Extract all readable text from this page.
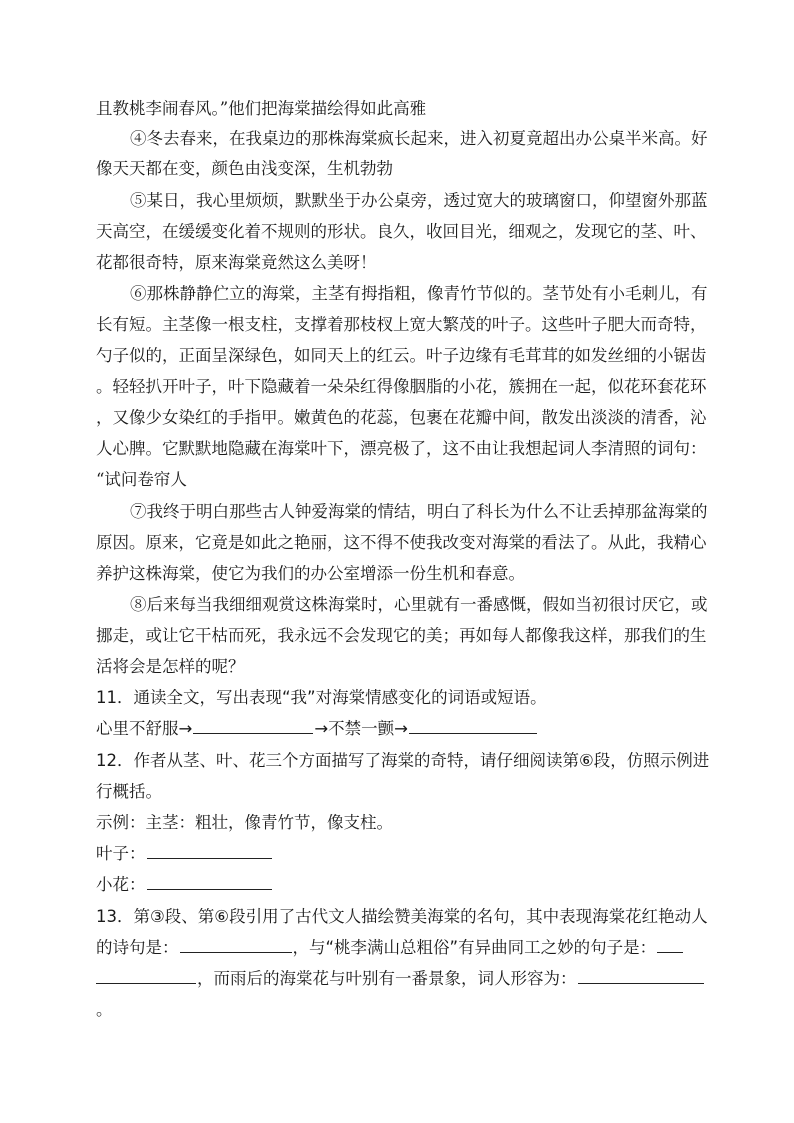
且教桃李闹春风。”他们把海棠描绘得如此高雅
④冬去春来，在我桌边的那株海棠疯长起来，进入初夏竟超出办公桌半米高。好
像天天都在变，颜色由浅变深，生机勃勃
⑤某日，我心里烦烦，默默坐于办公桌旁，透过宽大的玻璃窗口，仰望窗外那蓝
天高空，在缓缓变化着不规则的形状。良久，收回目光，细观之，发现它的茎、叶、
花都很奇特，原来海棠竟然这么美呀！
⑥那株静静伫立的海棠，主茎有拇指粗，像青竹节似的。茎节处有小毛刺儿，有
长有短。主茎像一根支柱，支撑着那枝杈上宽大繁茂的叶子。这些叶子肥大而奇特，
勺子似的，正面呈深绿色，如同天上的红云。叶子边缘有毛茸茸的如发丝细的小锯齿
。轻轻扒开叶子，叶下隐藏着一朵朵红得像胭脂的小花，簇拥在一起，似花环套花环
，又像少女染红的手指甲。嫩黄色的花蕊，包裹在花瓣中间，散发出淡淡的清香，沁
人心脾。它默默地隐藏在海棠叶下，漂亮极了，这不由让我想起词人李清照的词句：
“试问卷帘人
⑦我终于明白那些古人钟爱海棠的情结，明白了科长为什么不让丢掉那盆海棠的
原因。原来，它竟是如此之艳丽，这不得不使我改变对海棠的看法了。从此，我精心
养护这株海棠，使它为我们的办公室增添一份生机和春意。
⑧后来每当我细细观赏这株海棠时，心里就有一番感慨，假如当初很讨厌它，或
挪走，或让它干枯而死，我永远不会发现它的美；再如每人都像我这样，那我们的生
活将会是怎样的呢？
11．通读全文，写出表现“我”对海棠情感变化的词语或短语。
心里不舒服→	→不禁一颤→
12．作者从茎、叶、花三个方面描写了海棠的奇特，请仔细阅读第⑥段，仿照示例进
行概括。
示例：主茎：粗壮，像青竹节，像支柱。
叶子：
小花：
13．第③段、第⑥段引用了古代文人描绘赞美海棠的名句，其中表现海棠花红艳动人
的诗句是：	，与“桃李满山总粗俗”有异曲同工之妙的句子是：
，而雨后的海棠花与叶别有一番景象，词人形容为：
。
